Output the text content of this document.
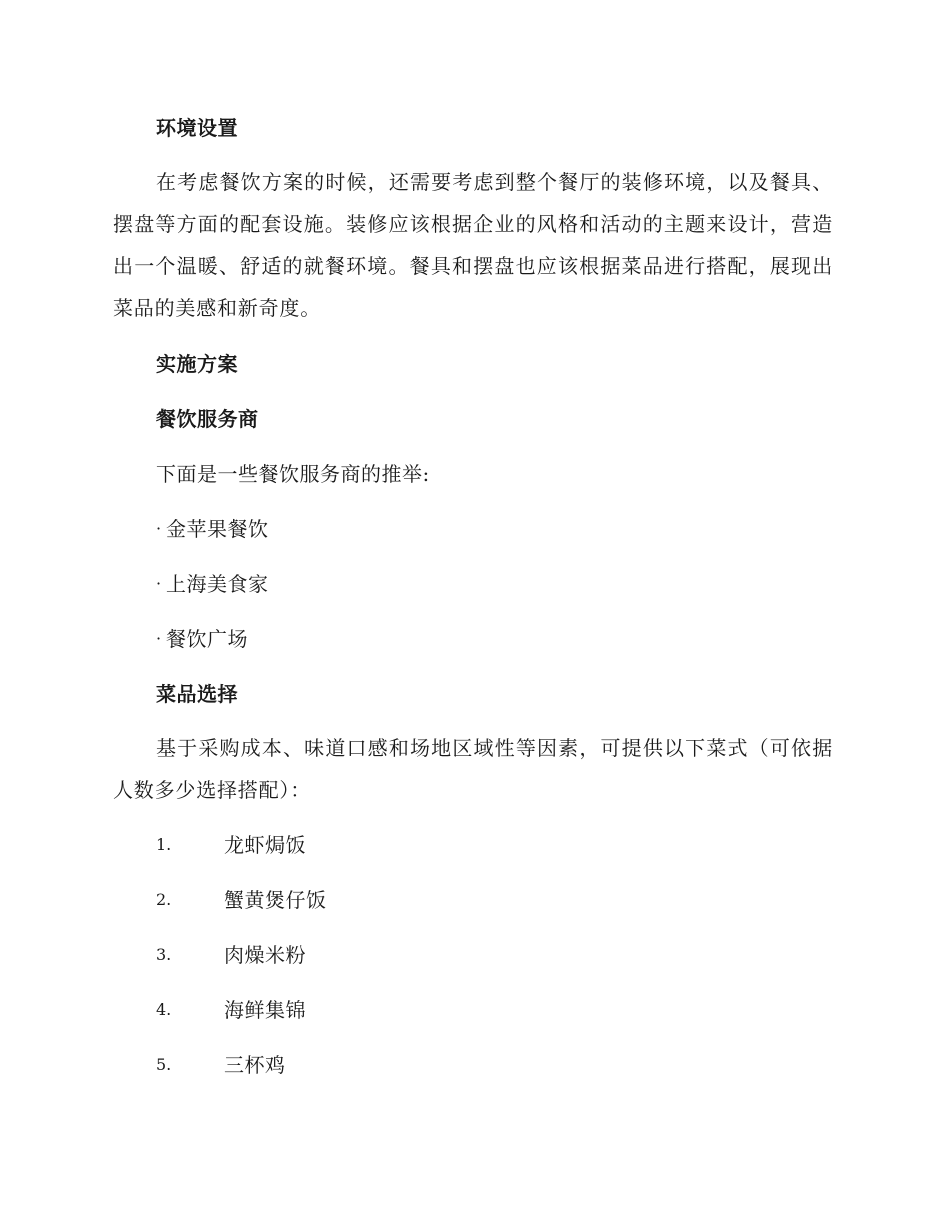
环境设置

在考虑餐饮方案的时候，还需要考虑到整个餐厅的装修环境，以及餐具、摆盘等方面的配套设施。装修应该根据企业的风格和活动的主题来设计，营造出一个温暖、舒适的就餐环境。餐具和摆盘也应该根据菜品进行搭配，展现出菜品的美感和新奇度。

实施方案
餐饮服务商

下面是一些餐饮服务商的推举:

· 金苹果餐饮
· 上海美食家
· 餐饮广场
菜品选择

基于采购成本、味道口感和场地区域性等因素，可提供以下菜式（可依据人数多少选择搭配）：

1.	龙虾焗饭
2.	蟹黄煲仔饭
3.	肉燥米粉
4.	海鲜集锦
5.	三杯鸡
